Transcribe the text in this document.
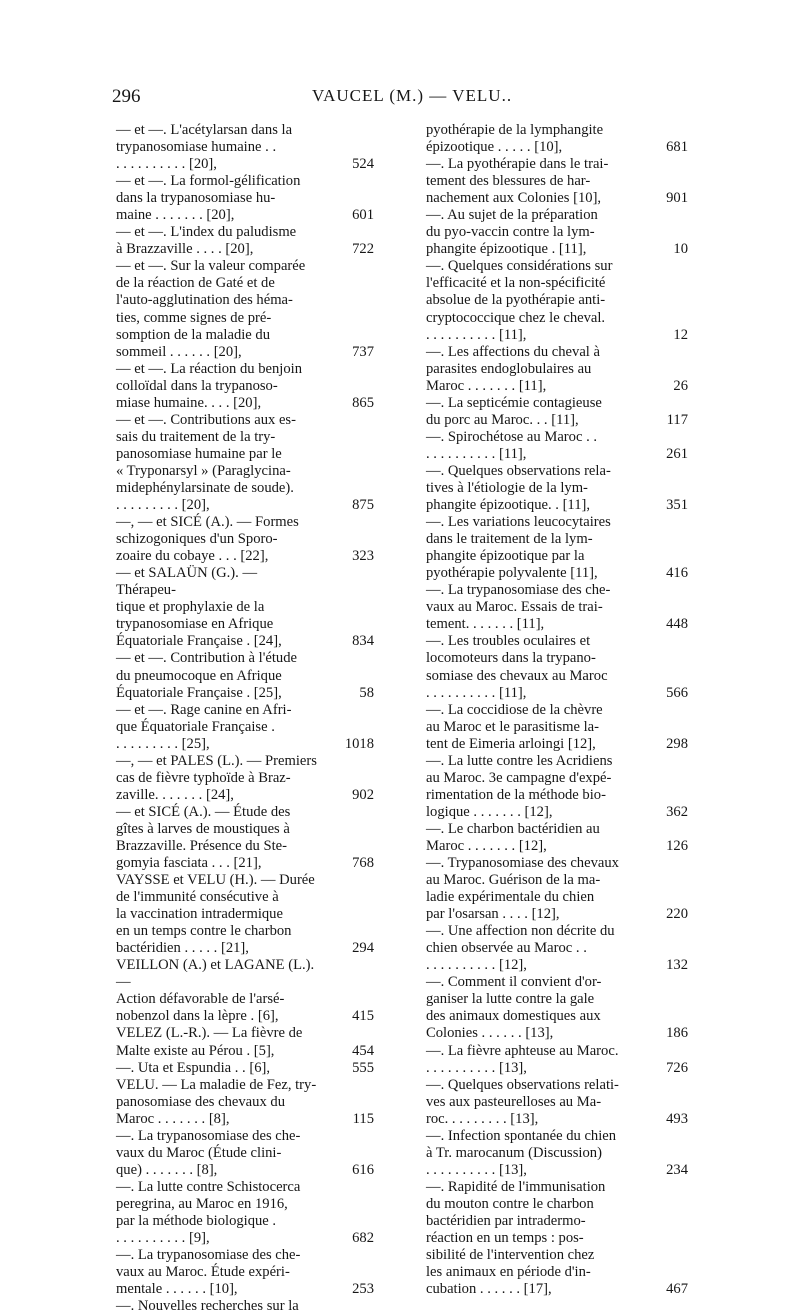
296	VAUCEL (M.) — VELU..
— et —. L'acétylarsan dans la
trypanosomiase humaine . .
. . . . . . . . . . [20],	524
— et —. La formol-gélification
dans la trypanosomiase hu-
maine . . . . . . . [20],	601
— et —. L'index du paludisme
à Brazzaville . . . . [20],	722
— et —. Sur la valeur comparée
de la réaction de Gaté et de
l'auto-agglutination des héma-
ties, comme signes de pré-
somption de la maladie du
sommeil . . . . . . [20],	737
— et —. La réaction du benjoin
colloïdal dans la trypanoso-
miase humaine. . . . [20],	865
— et —. Contributions aux es-
sais du traitement de la try-
panosomiase humaine par le
« Tryponarsyl » (Paraglycina-
midephénylarsinate de soude).
. . . . . . . . . [20],	875
—, — et SICÉ (A.). — Formes
schizogoniques d'un Sporo-
zoaire du cobaye . . . [22],	323
— et SALAÜN (G.). — Thérapeu-
tique et prophylaxie de la
trypanosomiase en Afrique
Équatoriale Française . [24],	834
— et —. Contribution à l'étude
du pneumocoque en Afrique
Équatoriale Française . [25],	58
— et —. Rage canine en Afri-
que Équatoriale Française .
. . . . . . . . . [25],	1018
—, — et PALES (L.). — Premiers
cas de fièvre typhoïde à Braz-
zaville. . . . . . . [24],	902
— et SICÉ (A.). — Étude des
gîtes à larves de moustiques à
Brazzaville. Présence du Ste-
gomyia fasciata . . . [21],	768
VAYSSE et VELU (H.). — Durée
de l'immunité consécutive à
la vaccination intradermique
en un temps contre le charbon
bactéridien . . . . . [21],	294
VEILLON (A.) et LAGANE (L.). —
Action défavorable de l'arsé-
nobenzol dans la lèpre . [6],	415
VELEZ (L.-R.). — La fièvre de
Malte existe au Pérou . [5],	454
—. Uta et Espundia . . [6],	555
VELU. — La maladie de Fez, try-
panosomiase des chevaux du
Maroc . . . . . . . [8],	115
—. La trypanosomiase des che-
vaux du Maroc (Étude clini-
que) . . . . . . . [8],	616
—. La lutte contre Schistocerca
peregrina, au Maroc en 1916,
par la méthode biologique .
. . . . . . . . . . [9],	682
—. La trypanosomiase des che-
vaux au Maroc. Étude expéri-
mentale . . . . . . [10],	253
—. Nouvelles recherches sur la
pyothérapie de la lymphangite
épizootique . . . . . [10],	681
—. La pyothérapie dans le trai-
tement des blessures de har-
nachement aux Colonies [10],	901
—. Au sujet de la préparation
du pyo-vaccin contre la lym-
phangite épizootique . [11],	10
—. Quelques considérations sur
l'efficacité et la non-spécificité
absolue de la pyothérapie anti-
cryptococcique chez le cheval.
. . . . . . . . . . [11],	12
—. Les affections du cheval à
parasites endoglobulaires au
Maroc . . . . . . . [11],	26
—. La septicémie contagieuse
du porc au Maroc. . . [11],	117
—. Spirochétose au Maroc . .
. . . . . . . . . . [11],	261
—. Quelques observations rela-
tives à l'étiologie de la lym-
phangite épizootique. . [11],	351
—. Les variations leucocytaires
dans le traitement de la lym-
phangite épizootique par la
pyothérapie polyvalente [11],	416
—. La trypanosomiase des che-
vaux au Maroc. Essais de trai-
tement. . . . . . . [11],	448
—. Les troubles oculaires et
locomoteurs dans la trypano-
somiase des chevaux au Maroc
. . . . . . . . . . [11],	566
—. La coccidiose de la chèvre
au Maroc et le parasitisme la-
tent de Eimeria arloingi [12],	298
—. La lutte contre les Acridiens
au Maroc. 3e campagne d'expé-
rimentation de la méthode bio-
logique . . . . . . . [12],	362
—. Le charbon bactéridien au
Maroc . . . . . . . [12],	126
—. Trypanosomiase des chevaux
au Maroc. Guérison de la ma-
ladie expérimentale du chien
par l'osarsan . . . . [12],	220
—. Une affection non décrite du
chien observée au Maroc . .
. . . . . . . . . . [12],	132
—. Comment il convient d'or-
ganiser la lutte contre la gale
des animaux domestiques aux
Colonies . . . . . . [13],	186
—. La fièvre aphteuse au Maroc.
. . . . . . . . . . [13],	726
—. Quelques observations relati-
ves aux pasteurelloses au Ma-
roc. . . . . . . . . [13],	493
—. Infection spontanée du chien
à Tr. marocanum (Discussion)
. . . . . . . . . . [13],	234
—. Rapidité de l'immunisation
du mouton contre le charbon
bactéridien par intradermo-
réaction en un temps : pos-
sibilité de l'intervention chez
les animaux en période d'in-
cubation . . . . . . [17],	467
